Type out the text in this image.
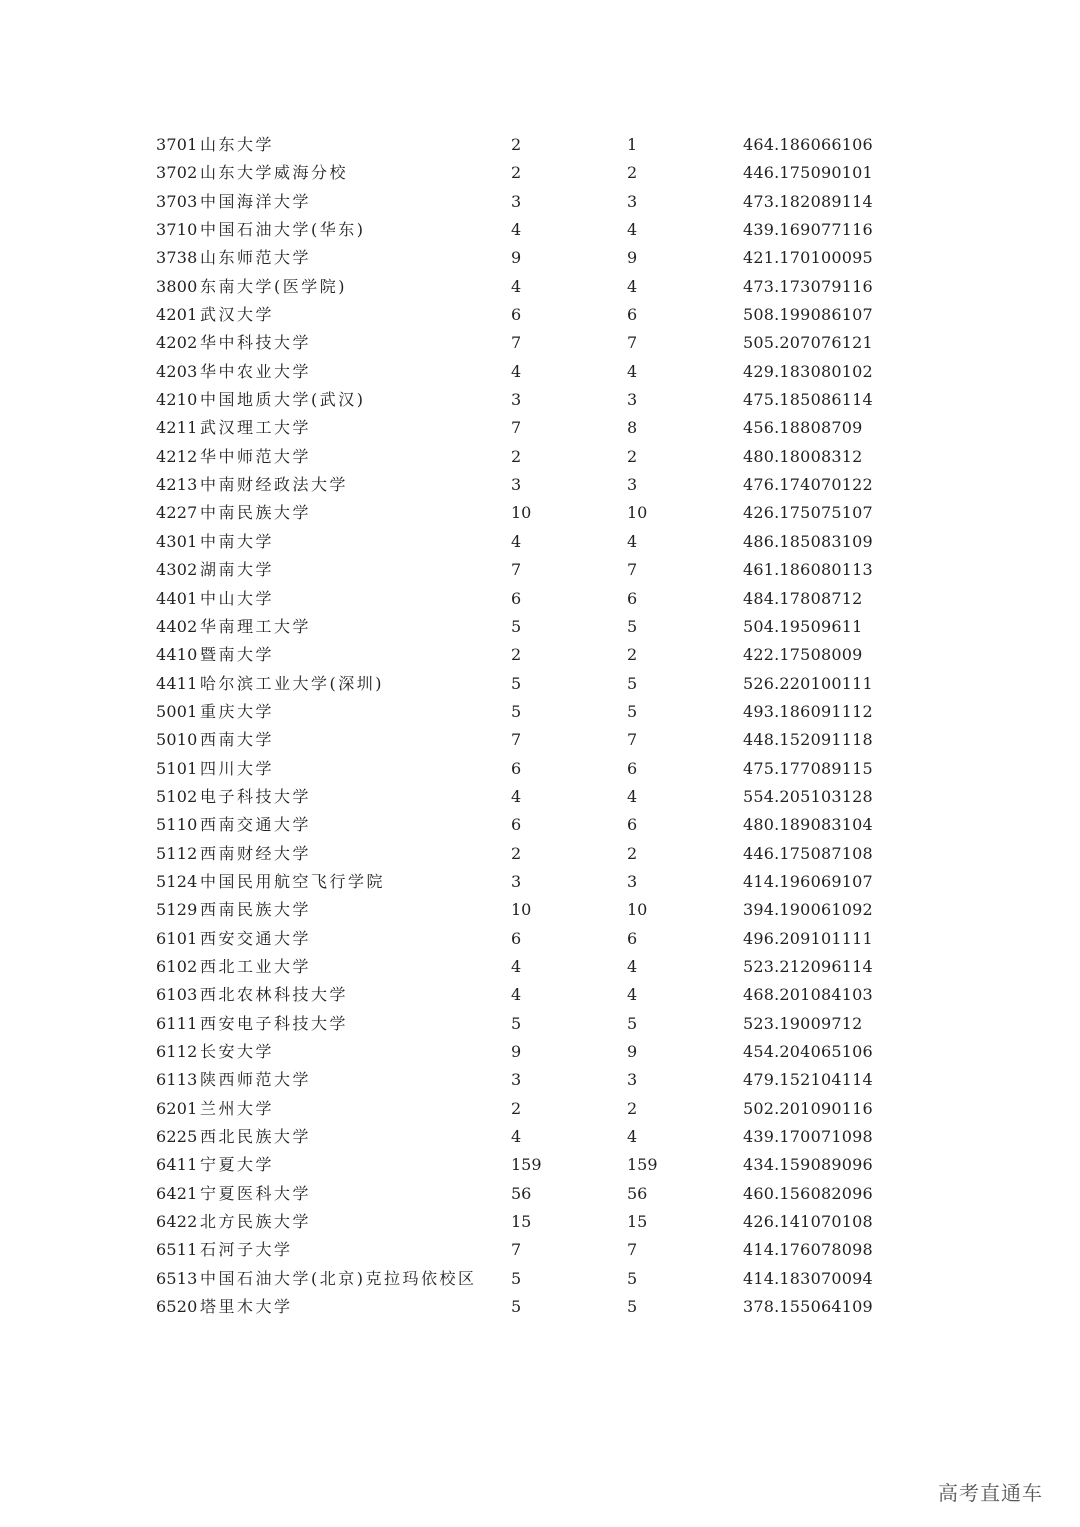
3701 山东大学	2	1	464.186066106
3702 山东大学威海分校	2	2	446.175090101
3703 中国海洋大学	3	3	473.182089114
3710 中国石油大学(华东)	4	4	439.169077116
3738 山东师范大学	9	9	421.170100095
3800 东南大学(医学院)	4	4	473.173079116
4201 武汉大学	6	6	508.199086107
4202 华中科技大学	7	7	505.207076121
4203 华中农业大学	4	4	429.183080102
4210 中国地质大学(武汉)	3	3	475.185086114
4211 武汉理工大学	7	8	456.18808709
4212 华中师范大学	2	2	480.18008312
4213 中南财经政法大学	3	3	476.174070122
4227 中南民族大学	10	10	426.175075107
4301 中南大学	4	4	486.185083109
4302 湖南大学	7	7	461.186080113
4401 中山大学	6	6	484.17808712
4402 华南理工大学	5	5	504.19509611
4410 暨南大学	2	2	422.17508009
4411 哈尔滨工业大学(深圳)	5	5	526.220100111
5001 重庆大学	5	5	493.186091112
5010 西南大学	7	7	448.152091118
5101 四川大学	6	6	475.177089115
5102 电子科技大学	4	4	554.205103128
5110 西南交通大学	6	6	480.189083104
5112 西南财经大学	2	2	446.175087108
5124 中国民用航空飞行学院	3	3	414.196069107
5129 西南民族大学	10	10	394.190061092
6101 西安交通大学	6	6	496.209101111
6102 西北工业大学	4	4	523.212096114
6103 西北农林科技大学	4	4	468.201084103
6111 西安电子科技大学	5	5	523.19009712
6112 长安大学	9	9	454.204065106
6113 陕西师范大学	3	3	479.152104114
6201 兰州大学	2	2	502.201090116
6225 西北民族大学	4	4	439.170071098
6411 宁夏大学	159	159	434.159089096
6421 宁夏医科大学	56	56	460.156082096
6422 北方民族大学	15	15	426.141070108
6511 石河子大学	7	7	414.176078098
6513 中国石油大学(北京)克拉玛依校区 5	5	414.183070094
6520 塔里木大学	5	5	378.155064109
高考直通车
